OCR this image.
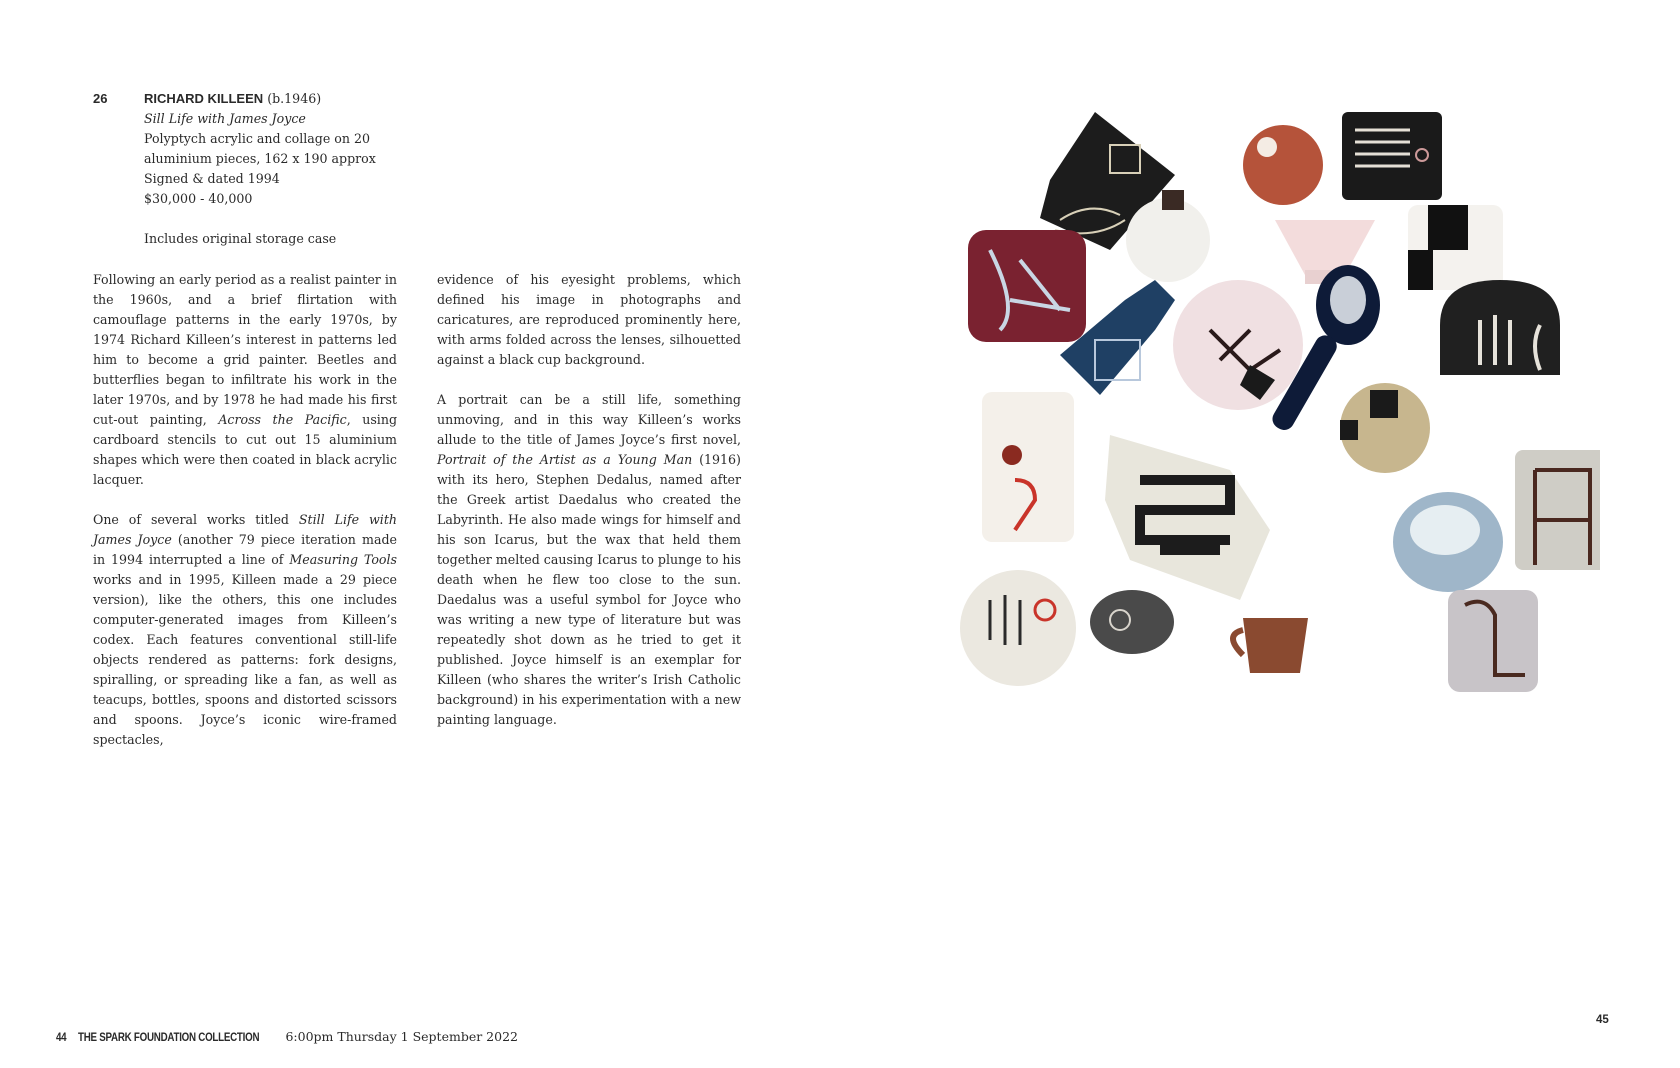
26	RICHARD KILLEEN (b.1946)
Sill Life with James Joyce
Polyptych acrylic and collage on 20
aluminium pieces, 162 x 190 approx
Signed & dated 1994
$30,000 - 40,000
Includes original storage case

Following an early period as a realist painter in the 1960s, and a brief flirtation with camouflage patterns in the early 1970s, by 1974 Richard Killeen’s interest in patterns led him to become a grid painter. Beetles and butterflies began to infiltrate his work in the later 1970s, and by 1978 he had made his first cut-out painting, Across the Pacific, using cardboard stencils to cut out 15 aluminium shapes which were then coated in black acrylic lacquer.

One of several works titled Still Life with James Joyce (another 79 piece iteration made in 1994 interrupted a line of Measuring Tools works and in 1995, Killeen made a 29 piece version), like the others, this one includes computer-generated images from Killeen’s codex. Each features conventional still-life objects rendered as patterns: fork designs, spiralling, or spreading like a fan, as well as teacups, bottles, spoons and distorted scissors and spoons. Joyce’s iconic wire-framed spectacles,

evidence of his eyesight problems, which defined his image in photographs and caricatures, are reproduced prominently here, with arms folded across the lenses, silhouetted against a black cup background.

A portrait can be a still life, something unmoving, and in this way Killeen’s works allude to the title of James Joyce’s first novel, Portrait of the Artist as a Young Man (1916) with its hero, Stephen Dedalus, named after the Greek artist Daedalus who created the Labyrinth. He also made wings for himself and his son Icarus, but the wax that held them together melted causing Icarus to plunge to his death when he flew too close to the sun. Daedalus was a useful symbol for Joyce who was writing a new type of literature but was repeatedly shot down as he tried to get it published. Joyce himself is an exemplar for Killeen (who shares the writer’s Irish Catholic background) in his experimentation with a new painting language.

44 THE SPARK FOUNDATION COLLECTION 6:00pm Thursday 1 September 2022
45
